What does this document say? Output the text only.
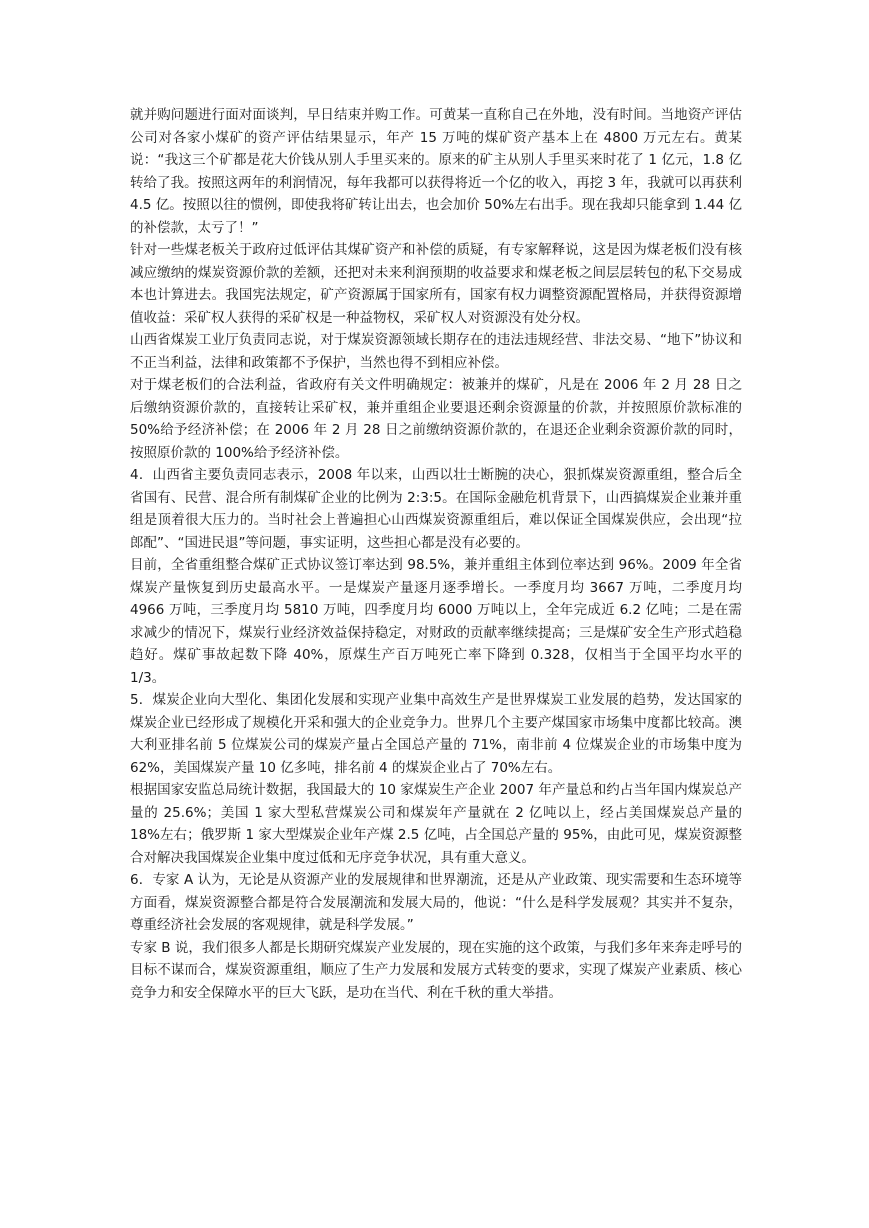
就并购问题进行面对面谈判，早日结束并购工作。可黄某一直称自己在外地，没有时间。当地资产评估公司对各家小煤矿的资产评估结果显示，年产 15 万吨的煤矿资产基本上在 4800 万元左右。黄某说：“我这三个矿都是花大价钱从别人手里买来的。原来的矿主从别人手里买来时花了 1 亿元，1.8 亿转给了我。按照这两年的利润情况，每年我都可以获得将近一个亿的收入，再挖 3 年，我就可以再获利 4.5 亿。按照以往的惯例，即使我将矿转让出去，也会加价 50%左右出手。现在我却只能拿到 1.44 亿的补偿款，太亏了！”

针对一些煤老板关于政府过低评估其煤矿资产和补偿的质疑，有专家解释说，这是因为煤老板们没有核减应缴纳的煤炭资源价款的差额，还把对未来利润预期的收益要求和煤老板之间层层转包的私下交易成本也计算进去。我国宪法规定，矿产资源属于国家所有，国家有权力调整资源配置格局，并获得资源增值收益：采矿权人获得的采矿权是一种益物权，采矿权人对资源没有处分权。

山西省煤炭工业厅负责同志说，对于煤炭资源领域长期存在的违法违规经营、非法交易、“地下”协议和不正当利益，法律和政策都不予保护，当然也得不到相应补偿。

对于煤老板们的合法利益，省政府有关文件明确规定：被兼并的煤矿，凡是在 2006 年 2 月 28 日之后缴纳资源价款的，直接转让采矿权，兼并重组企业要退还剩余资源量的价款，并按照原价款标准的 50%给予经济补偿；在 2006 年 2 月 28 日之前缴纳资源价款的，在退还企业剩余资源价款的同时，按照原价款的 100%给予经济补偿。

4．山西省主要负责同志表示，2008 年以来，山西以壮士断腕的决心，狠抓煤炭资源重组，整合后全省国有、民营、混合所有制煤矿企业的比例为 2:3:5。在国际金融危机背景下，山西搞煤炭企业兼并重组是顶着很大压力的。当时社会上普遍担心山西煤炭资源重组后，难以保证全国煤炭供应，会出现“拉郎配”、“国进民退”等问题，事实证明，这些担心都是没有必要的。

目前，全省重组整合煤矿正式协议签订率达到 98.5%，兼并重组主体到位率达到 96%。2009 年全省煤炭产量恢复到历史最高水平。一是煤炭产量逐月逐季增长。一季度月均 3667 万吨，二季度月均 4966 万吨，三季度月均 5810 万吨，四季度月均 6000 万吨以上，全年完成近 6.2 亿吨；二是在需求减少的情况下，煤炭行业经济效益保持稳定，对财政的贡献率继续提高；三是煤矿安全生产形式趋稳趋好。煤矿事故起数下降 40%，原煤生产百万吨死亡率下降到 0.328，仅相当于全国平均水平的 1/3。

5．煤炭企业向大型化、集团化发展和实现产业集中高效生产是世界煤炭工业发展的趋势，发达国家的煤炭企业已经形成了规模化开采和强大的企业竞争力。世界几个主要产煤国家市场集中度都比较高。澳大利亚排名前 5 位煤炭公司的煤炭产量占全国总产量的 71%，南非前 4 位煤炭企业的市场集中度为 62%，美国煤炭产量 10 亿多吨，排名前 4 的煤炭企业占了 70%左右。

根据国家安监总局统计数据，我国最大的 10 家煤炭生产企业 2007 年产量总和约占当年国内煤炭总产量的 25.6%；美国 1 家大型私营煤炭公司和煤炭年产量就在 2 亿吨以上，经占美国煤炭总产量的 18%左右；俄罗斯 1 家大型煤炭企业年产煤 2.5 亿吨，占全国总产量的 95%，由此可见，煤炭资源整合对解决我国煤炭企业集中度过低和无序竞争状况，具有重大意义。

6．专家 A 认为，无论是从资源产业的发展规律和世界潮流，还是从产业政策、现实需要和生态环境等方面看，煤炭资源整合都是符合发展潮流和发展大局的，他说：“什么是科学发展观？其实并不复杂，尊重经济社会发展的客观规律，就是科学发展。”

专家 B 说，我们很多人都是长期研究煤炭产业发展的，现在实施的这个政策，与我们多年来奔走呼号的目标不谋而合，煤炭资源重组，顺应了生产力发展和发展方式转变的要求，实现了煤炭产业素质、核心竞争力和安全保障水平的巨大飞跃，是功在当代、利在千秋的重大举措。
